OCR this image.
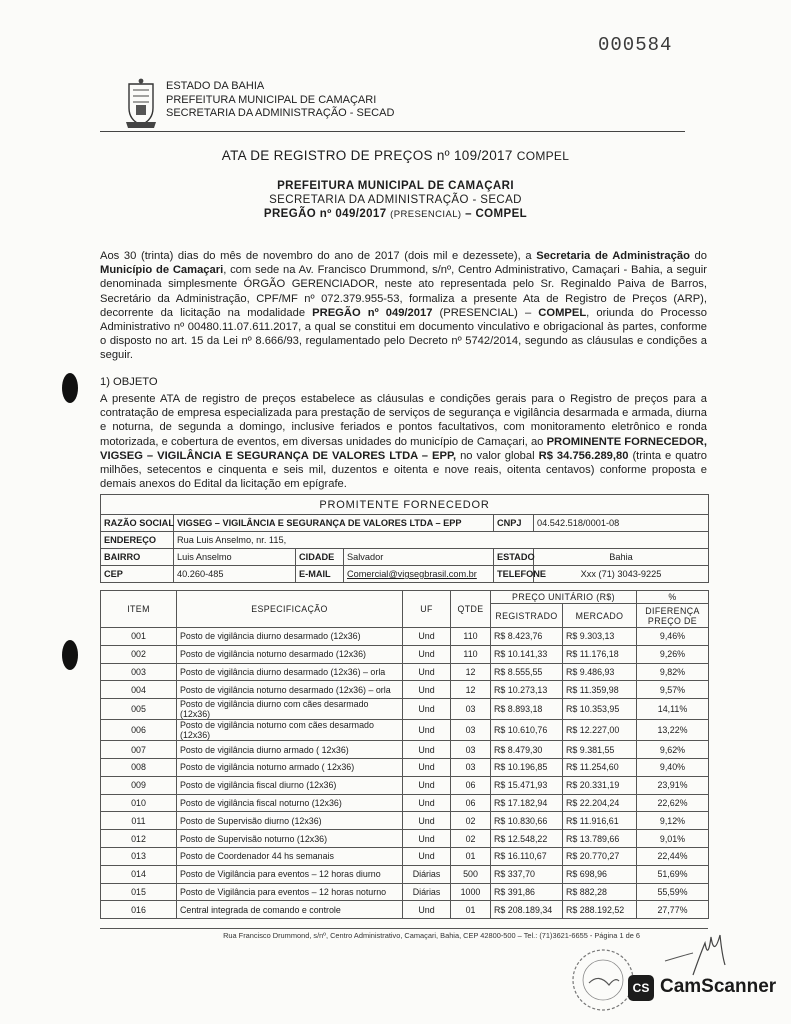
000584
ESTADO DA BAHIA
PREFEITURA MUNICIPAL DE CAMAÇARI
SECRETARIA DA ADMINISTRAÇÃO - SECAD
ATA DE REGISTRO DE PREÇOS nº 109/2017 COMPEL
PREFEITURA MUNICIPAL DE CAMAÇARI
SECRETARIA DA ADMINISTRAÇÃO - SECAD
PREGÃO nº 049/2017 (PRESENCIAL) – COMPEL
Aos 30 (trinta) dias do mês de novembro do ano de 2017 (dois mil e dezessete), a Secretaria de Administração do Município de Camaçari, com sede na Av. Francisco Drummond, s/nº, Centro Administrativo, Camaçari - Bahia, a seguir denominada simplesmente ÓRGÃO GERENCIADOR, neste ato representada pelo Sr. Reginaldo Paiva de Barros, Secretário da Administração, CPF/MF nº 072.379.955-53, formaliza a presente Ata de Registro de Preços (ARP), decorrente da licitação na modalidade PREGÃO nº 049/2017 (PRESENCIAL) – COMPEL, oriunda do Processo Administrativo nº 00480.11.07.611.2017, a qual se constitui em documento vinculativo e obrigacional às partes, conforme o disposto no art. 15 da Lei nº 8.666/93, regulamentado pelo Decreto nº 5742/2014, segundo as cláusulas e condições a seguir.
1) OBJETO
A presente ATA de registro de preços estabelece as cláusulas e condições gerais para o Registro de preços para a contratação de empresa especializada para prestação de serviços de segurança e vigilância desarmada e armada, diurna e noturna, de segunda a domingo, inclusive feriados e pontos facultativos, com monitoramento eletrônico e ronda motorizada, e cobertura de eventos, em diversas unidades do município de Camaçari, ao PROMINENTE FORNECEDOR, VIGSEG – VIGILÂNCIA E SEGURANÇA DE VALORES LTDA – EPP, no valor global R$ 34.756.289,80 (trinta e quatro milhões, setecentos e cinquenta e seis mil, duzentos e oitenta e nove reais, oitenta centavos) conforme proposta e demais anexos do Edital da licitação em epígrafe.
PROMITENTE FORNECEDOR					
RAZÃO SOCIAL	VIGSEG – VIGILÂNCIA E SEGURANÇA DE VALORES LTDA – EPP			CNPJ	04.542.518/0001-08
ENDEREÇO	Rua Luis Anselmo, nr. 115,				
BAIRRO	Luis Anselmo	CIDADE	Salvador	ESTADO	Bahia
CEP	40.260-485	E-MAIL	Comercial@vigsegbrasil.com.br	TELEFONE	Xxx (71) 3043-9225
ITEM	ESPECIFICAÇÃO	UF	QTDE	PREÇO UNITÁRIO (R$)		%
				REGISTRADO	MERCADO	DIFERENÇA
PREÇO DE
001	Posto de vigilância diurno desarmado (12x36)	Und	110	R$ 8.423,76	R$ 9.303,13	9,46%
002	Posto de vigilância noturno desarmado (12x36)	Und	110	R$ 10.141,33	R$ 11.176,18	9,26%
003	Posto de vigilância diurno desarmado (12x36) – orla	Und	12	R$ 8.555,55	R$ 9.486,93	9,82%
004	Posto de vigilância noturno desarmado (12x36) – orla	Und	12	R$ 10.273,13	R$ 11.359,98	9,57%
005	Posto de vigilância diurno com cães desarmado (12x36)	Und	03	R$ 8.893,18	R$ 10.353,95	14,11%
006	Posto de vigilância noturno com cães desarmado (12x36)	Und	03	R$ 10.610,76	R$ 12.227,00	13,22%
007	Posto de vigilância diurno armado ( 12x36)	Und	03	R$ 8.479,30	R$ 9.381,55	9,62%
008	Posto de vigilância noturno armado ( 12x36)	Und	03	R$ 10.196,85	R$ 11.254,60	9,40%
009	Posto de vigilância fiscal diurno (12x36)	Und	06	R$ 15.471,93	R$ 20.331,19	23,91%
010	Posto de vigilância fiscal noturno (12x36)	Und	06	R$ 17.182,94	R$ 22.204,24	22,62%
011	Posto de Supervisão diurno (12x36)	Und	02	R$ 10.830,66	R$ 11.916,61	9,12%
012	Posto de Supervisão noturno (12x36)	Und	02	R$ 12.548,22	R$ 13.789,66	9,01%
013	Posto de Coordenador 44 hs semanais	Und	01	R$ 16.110,67	R$ 20.770,27	22,44%
014	Posto de Vigilância para eventos – 12 horas diurno	Diárias	500	R$ 337,70	R$ 698,96	51,69%
015	Posto de Vigilância para eventos – 12 horas noturno	Diárias	1000	R$ 391,86	R$ 882,28	55,59%
016	Central integrada de comando e controle	Und	01	R$ 208.189,34	R$ 288.192,52	27,77%
Rua Francisco Drummond, s/nº, Centro Administrativo, Camaçari, Bahia, CEP 42800-500 – Tel.: (71)3621-6655 - Página 1 de 6
CS CamScanner
